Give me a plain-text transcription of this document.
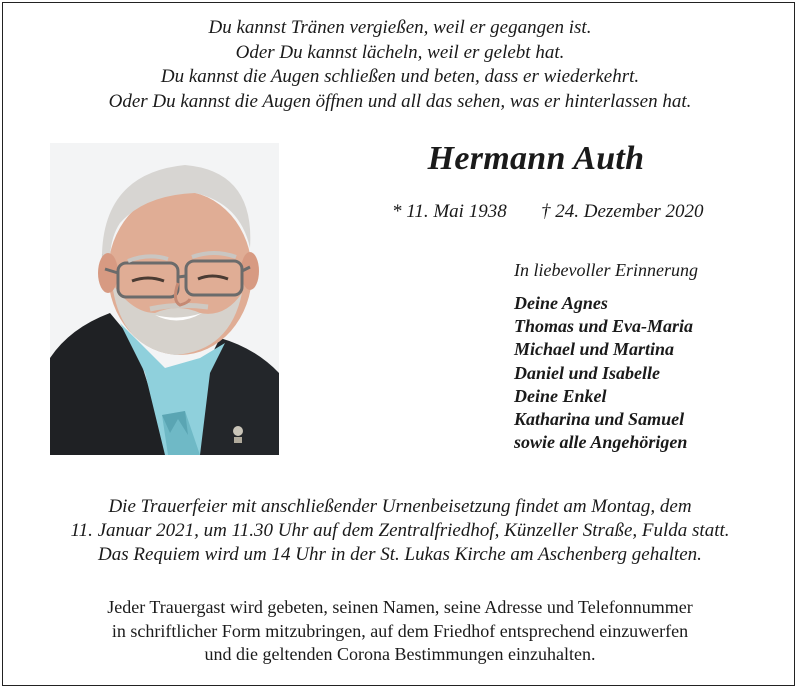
Du kannst Tränen vergießen, weil er gegangen ist.
Oder Du kannst lächeln, weil er gelebt hat.
Du kannst die Augen schließen und beten, dass er wiederkehrt.
Oder Du kannst die Augen öffnen und all das sehen, was er hinterlassen hat.
Hermann Auth
* 11. Mai 1938 † 24. Dezember 2020
In liebevoller Erinnerung
Deine Agnes
Thomas und Eva-Maria
Michael und Martina
Daniel und Isabelle
Deine Enkel
Katharina und Samuel
sowie alle Angehörigen
Die Trauerfeier mit anschließender Urnenbeisetzung findet am Montag, dem
11. Januar 2021, um 11.30 Uhr auf dem Zentralfriedhof, Künzeller Straße, Fulda statt.
Das Requiem wird um 14 Uhr in der St. Lukas Kirche am Aschenberg gehalten.
Jeder Trauergast wird gebeten, seinen Namen, seine Adresse und Telefonnummer
in schriftlicher Form mitzubringen, auf dem Friedhof entsprechend einzuwerfen
und die geltenden Corona Bestimmungen einzuhalten.
